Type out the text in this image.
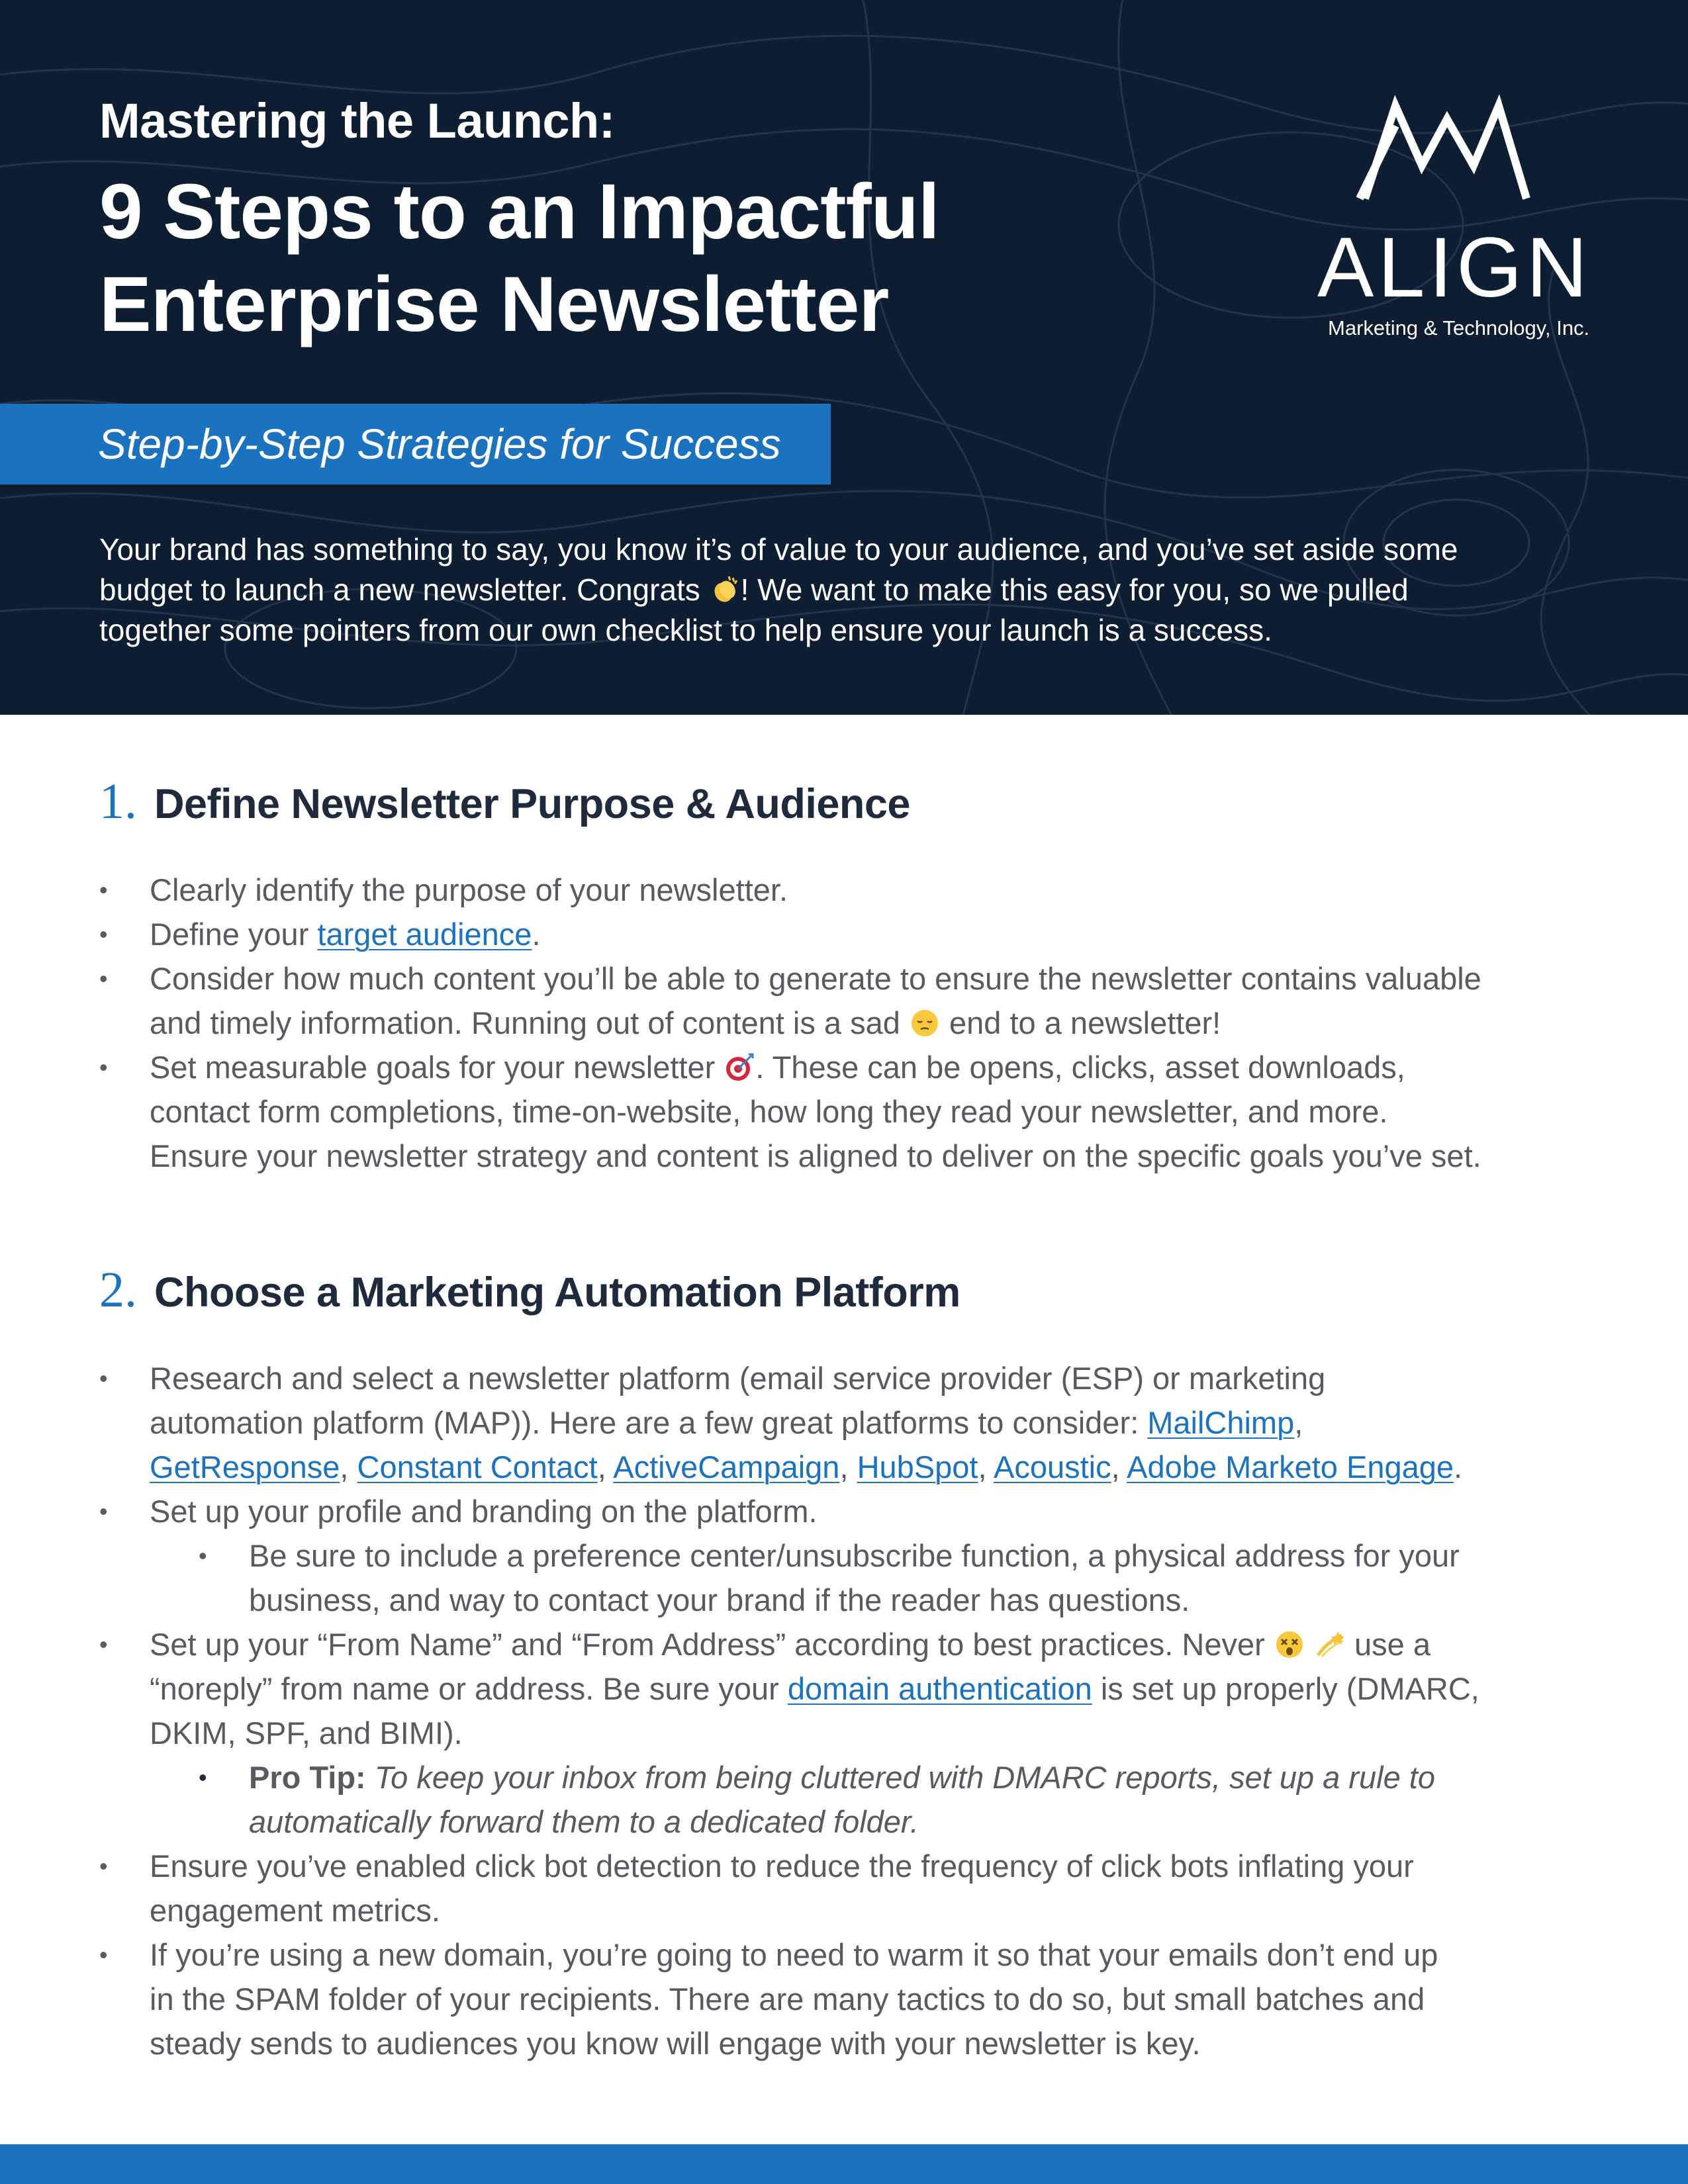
Mastering the Launch:
9 Steps to an Impactful
Enterprise Newsletter	ALIGN
Marketing & Technology, Inc.
Step-by-Step Strategies for Success

Your brand has something to say, you know it’s of value to your audience, and you’ve set aside some

budget to launch a new newsletter. Congrats ! We want to make this easy for you, so we pulled

together some pointers from our own checklist to help ensure your launch is a success.

1. Define Newsletter Purpose & Audience
•	Clearly identify the purpose of your newsletter.
•	Define your target audience.
•	Consider how much content you’ll be able to generate to ensure the newsletter contains valuable
and timely information. Running out of content is a sad  end to a newsletter!
•	Set measurable goals for your newsletter . These can be opens, clicks, asset downloads,
contact form completions, time-on-website, how long they read your newsletter, and more.
Ensure your newsletter strategy and content is aligned to deliver on the specific goals you’ve set.
2. Choose a Marketing Automation Platform
•	Research and select a newsletter platform (email service provider (ESP) or marketing
automation platform (MAP)). Here are a few great platforms to consider: MailChimp,
GetResponse, Constant Contact, ActiveCampaign, HubSpot, Acoustic, Adobe Marketo Engage.
•	Set up your profile and branding on the platform.
•	Be sure to include a preference center/unsubscribe function, a physical address for your
business, and way to contact your brand if the reader has questions.
•	Set up your “From Name” and “From Address” according to best practices. Never   use a
“noreply” from name or address. Be sure your domain authentication is set up properly (DMARC,
DKIM, SPF, and BIMI).
•	Pro Tip: To keep your inbox from being cluttered with DMARC reports, set up a rule to
automatically forward them to a dedicated folder.
•	Ensure you’ve enabled click bot detection to reduce the frequency of click bots inflating your
engagement metrics.
•	If you’re using a new domain, you’re going to need to warm it so that your emails don’t end up
in the SPAM folder of your recipients. There are many tactics to do so, but small batches and
steady sends to audiences you know will engage with your newsletter is key.
